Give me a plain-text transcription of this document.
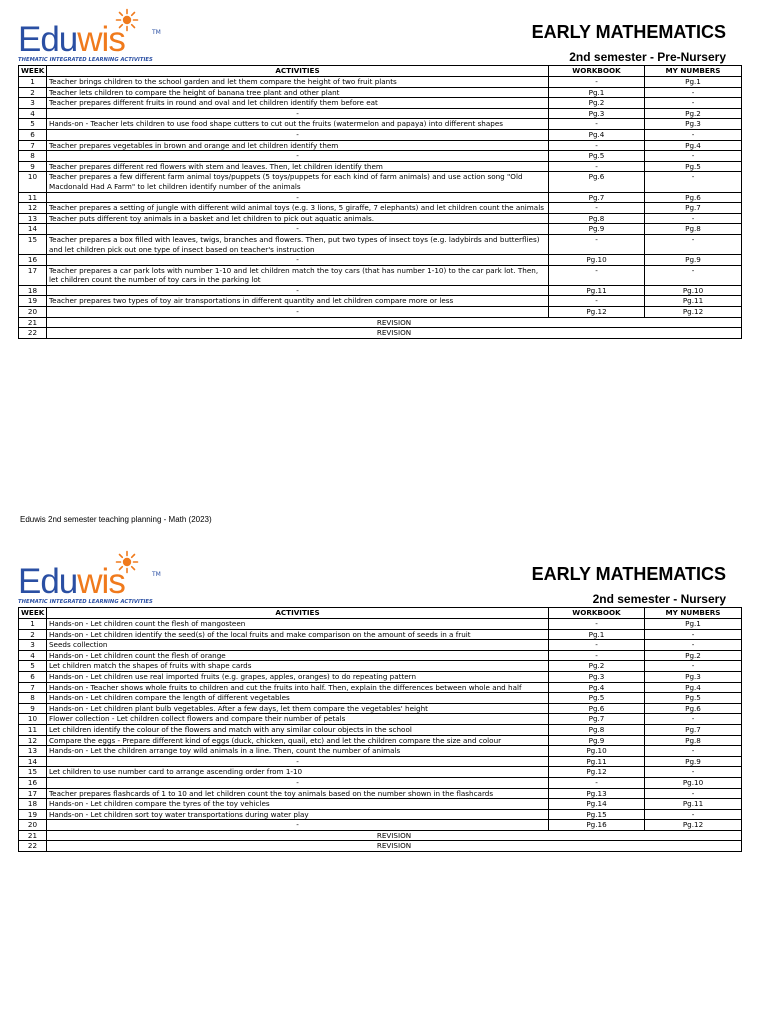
Eduwis	TM
THEMATIC INTEGRATED LEARNING ACTIVITIES
EARLY MATHEMATICS
2nd semester - Pre-Nursery
WEEK	ACTIVITIES	WORKBOOK	MY NUMBERS
1	Teacher brings children to the school garden and let them compare the height of two fruit plants	-	Pg.1
2	Teacher lets children to compare the height of banana tree plant and other plant	Pg.1	-
3	Teacher prepares different fruits in round and oval and let children identify them before eat	Pg.2	-
4	-	Pg.3	Pg.2
5	Hands-on - Teacher lets children to use food shape cutters to cut out the fruits (watermelon and papaya) into different shapes	-	Pg.3
6	-	Pg.4	-
7	Teacher prepares vegetables in brown and orange and let children identify them	-	Pg.4
8	-	Pg.5	-
9	Teacher prepares different red flowers with stem and leaves. Then, let children identify them	-	Pg.5
10	Teacher prepares a few different farm animal toys/puppets (5 toys/puppets for each kind of farm animals) and use action song "Old Macdonald Had A Farm" to let children identify number of the animals	Pg.6	-
11	-	Pg.7	Pg.6
12	Teacher prepares a setting of jungle with different wild animal toys (e.g. 3 lions, 5 giraffe, 7 elephants) and let children count the animals	-	Pg.7
13	Teacher puts different toy animals in a basket and let children to pick out aquatic animals.	Pg.8	-
14	-	Pg.9	Pg.8
15	Teacher prepares a box filled with leaves, twigs, branches and flowers. Then, put two types of insect toys (e.g. ladybirds and butterflies) and let children pick out one type of insect based on teacher's instruction	-	-
16	-	Pg.10	Pg.9
17	Teacher prepares a car park lots with number 1-10 and let children match the toy cars (that has number 1-10) to the car park lot. Then, let children count the number of toy cars in the parking lot	-	-
18	-	Pg.11	Pg.10
19	Teacher prepares two types of toy air transportations in different quantity and let children compare more or less	-	Pg.11
20	-	Pg.12	Pg.12
21	REVISION		
22	REVISION		
Eduwis 2nd semester teaching planning - Math (2023)
Eduwis	TM
THEMATIC INTEGRATED LEARNING ACTIVITIES
EARLY MATHEMATICS
2nd semester - Nursery
WEEK	ACTIVITIES	WORKBOOK	MY NUMBERS
1	Hands-on - Let children count the flesh of mangosteen	-	Pg.1
2	Hands-on - Let children identify the seed(s) of the local fruits and make comparison on the amount of seeds in a fruit	Pg.1	-
3	Seeds collection	-	-
4	Hands-on - Let children count the flesh of orange	-	Pg.2
5	Let children match the shapes of fruits with shape cards	Pg.2	-
6	Hands-on - Let children use real imported fruits (e.g. grapes, apples, oranges) to do repeating pattern	Pg.3	Pg.3
7	Hands-on - Teacher shows whole fruits to children and cut the fruits into half. Then, explain the differences between whole and half	Pg.4	Pg.4
8	Hands-on - Let children compare the length of different vegetables	Pg.5	Pg.5
9	Hands-on - Let children plant bulb vegetables. After a few days, let them compare the vegetables' height	Pg.6	Pg.6
10	Flower collection - Let children collect flowers and compare their number of petals	Pg.7	-
11	Let children identify the colour of the flowers and match with any similar colour objects in the school	Pg.8	Pg.7
12	Compare the eggs - Prepare different kind of eggs (duck, chicken, quail, etc) and let the children compare the size and colour	Pg.9	Pg.8
13	Hands-on - Let the children arrange toy wild animals in a line. Then, count the number of animals	Pg.10	-
14	-	Pg.11	Pg.9
15	Let children to use number card to arrange ascending order from 1-10	Pg.12	-
16	-	-	Pg.10
17	Teacher prepares flashcards of 1 to 10 and let children count the toy animals based on the number shown in the flashcards	Pg.13	-
18	Hands-on - Let children compare the tyres of the toy vehicles	Pg.14	Pg.11
19	Hands-on - Let children sort toy water transportations during water play	Pg.15	-
20	-	Pg.16	Pg.12
21	REVISION		
22	REVISION		
